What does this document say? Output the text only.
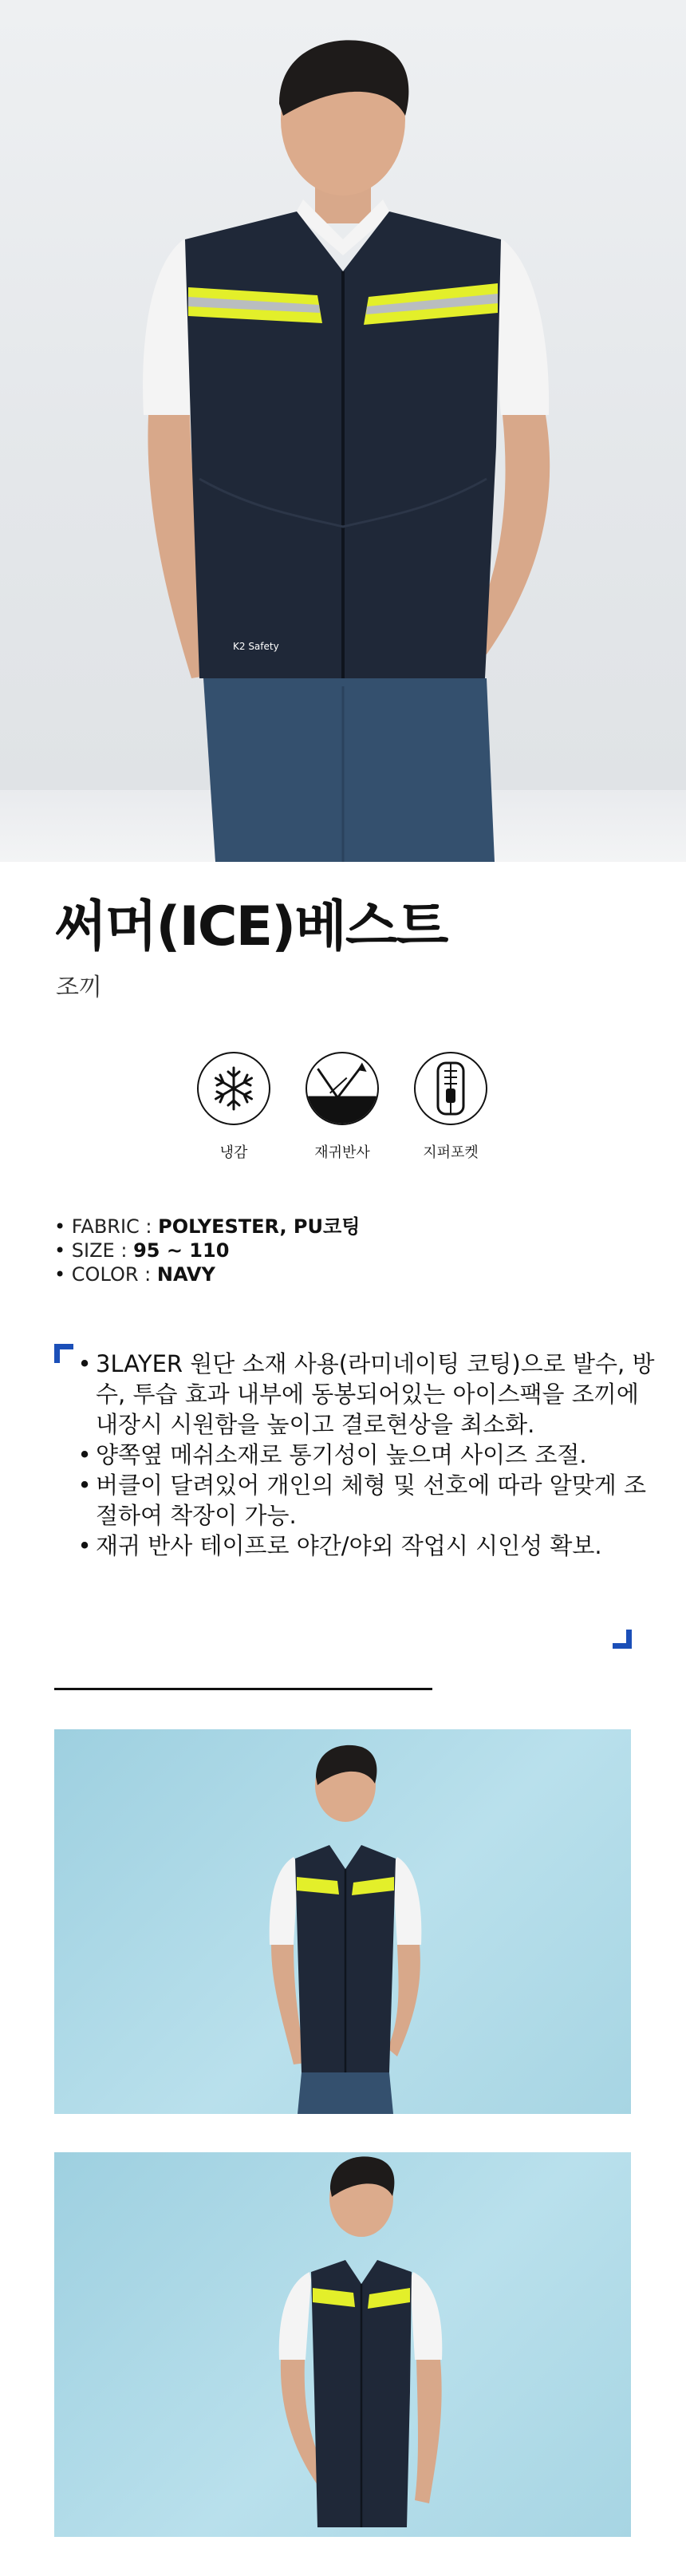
K2 Safety
써머(ICE)베스트
조끼
냉감	재귀반사	지퍼포켓
• FABRIC : POLYESTER, PU코팅
• SIZE : 95 ~ 110
• COLOR : NAVY
• 3LAYER 원단 소재 사용(라미네이팅 코팅)으로 발수, 방수, 투습 효과 내부에 동봉되어있는 아이스팩을 조끼에 내장시 시원함을 높이고 결로현상을 최소화.
• 양쪽옆 메쉬소재로 통기성이 높으며 사이즈 조절.
• 버클이 달려있어 개인의 체형 및 선호에 따라 알맞게 조절하여 착장이 가능.
• 재귀 반사 테이프로 야간/야외 작업시 시인성 확보.
